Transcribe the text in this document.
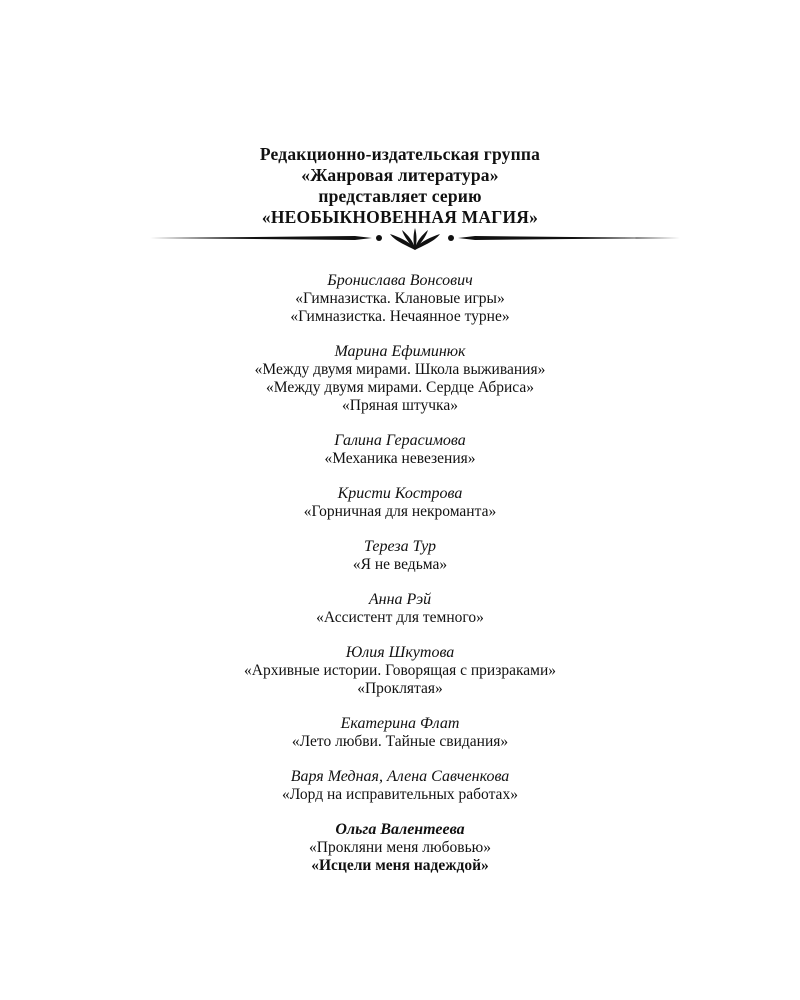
Редакционно-издательская группа
«Жанровая литература»
представляет серию
«НЕОБЫКНОВЕННАЯ МАГИЯ»
Бронислава Вонсович
«Гимназистка. Клановые игры»
«Гимназистка. Нечаянное турне»
Марина Ефиминюк
«Между двумя мирами. Школа выживания»
«Между двумя мирами. Сердце Абриса»
«Пряная штучка»
Галина Герасимова
«Механика невезения»
Кристи Кострова
«Горничная для некроманта»
Тереза Тур
«Я не ведьма»
Анна Рэй
«Ассистент для темного»
Юлия Шкутова
«Архивные истории. Говорящая с призраками»
«Проклятая»
Екатерина Флат
«Лето любви. Тайные свидания»
Варя Медная, Алена Савченкова
«Лорд на исправительных работах»
Ольга Валентеева
«Прокляни меня любовью»
«Исцели меня надеждой»
